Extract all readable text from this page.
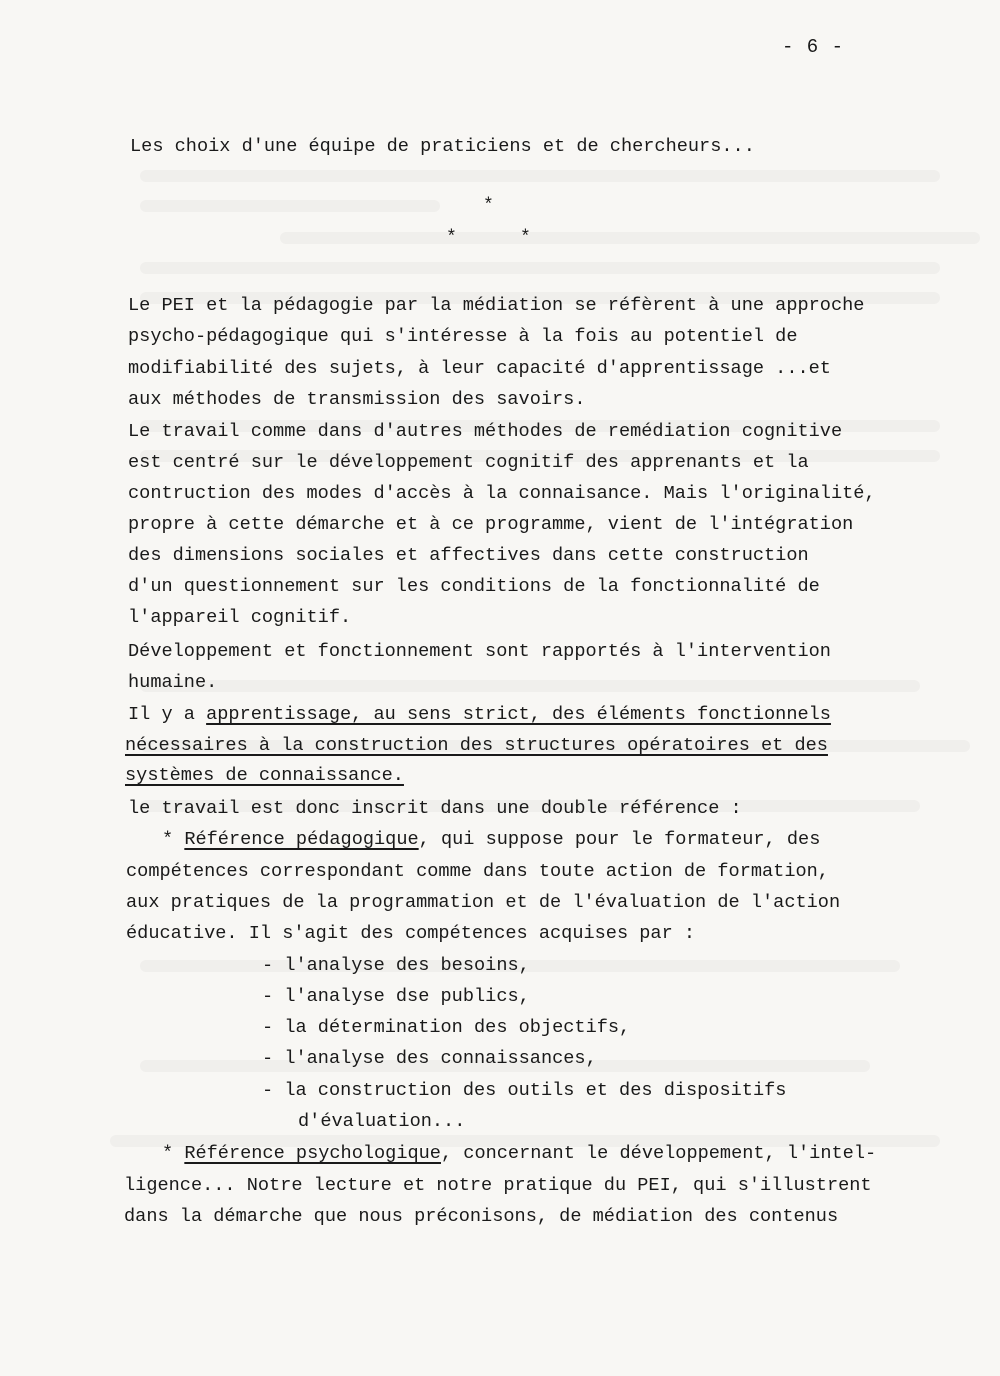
- 6 -
Les choix d'une équipe de praticiens et de chercheurs...
*
*	*
Le PEI et la pédagogie par la médiation se réfèrent à une approche
psycho-pédagogique qui s'intéresse à la fois au potentiel de
modifiabilité des sujets, à leur capacité d'apprentissage ...et
aux méthodes de transmission des savoirs.
Le travail comme dans d'autres méthodes de remédiation cognitive
est centré sur le développement cognitif des apprenants et la
contruction des modes d'accès à la connaisance. Mais l'originalité,
propre à cette démarche et à ce programme, vient de l'intégration
des dimensions sociales et affectives dans cette construction
d'un questionnement sur les conditions de la fonctionnalité de
l'appareil cognitif.
Développement et fonctionnement sont rapportés à l'intervention
humaine.
Il y a apprentissage, au sens strict, des éléments fonctionnels
nécessaires à la construction des structures opératoires et des
systèmes de connaissance.
le travail est donc inscrit dans une double référence :
* Référence pédagogique, qui suppose pour le formateur, des
compétences correspondant comme dans toute action de formation,
aux pratiques de la programmation et de l'évaluation de l'action
éducative. Il s'agit des compétences acquises par :
- l'analyse des besoins,
- l'analyse dse publics,
- la détermination des objectifs,
- l'analyse des connaissances,
- la construction des outils et des dispositifs
d'évaluation...
* Référence psychologique, concernant le développement, l'intel-
ligence... Notre lecture et notre pratique du PEI, qui s'illustrent
dans la démarche que nous préconisons, de médiation des contenus
